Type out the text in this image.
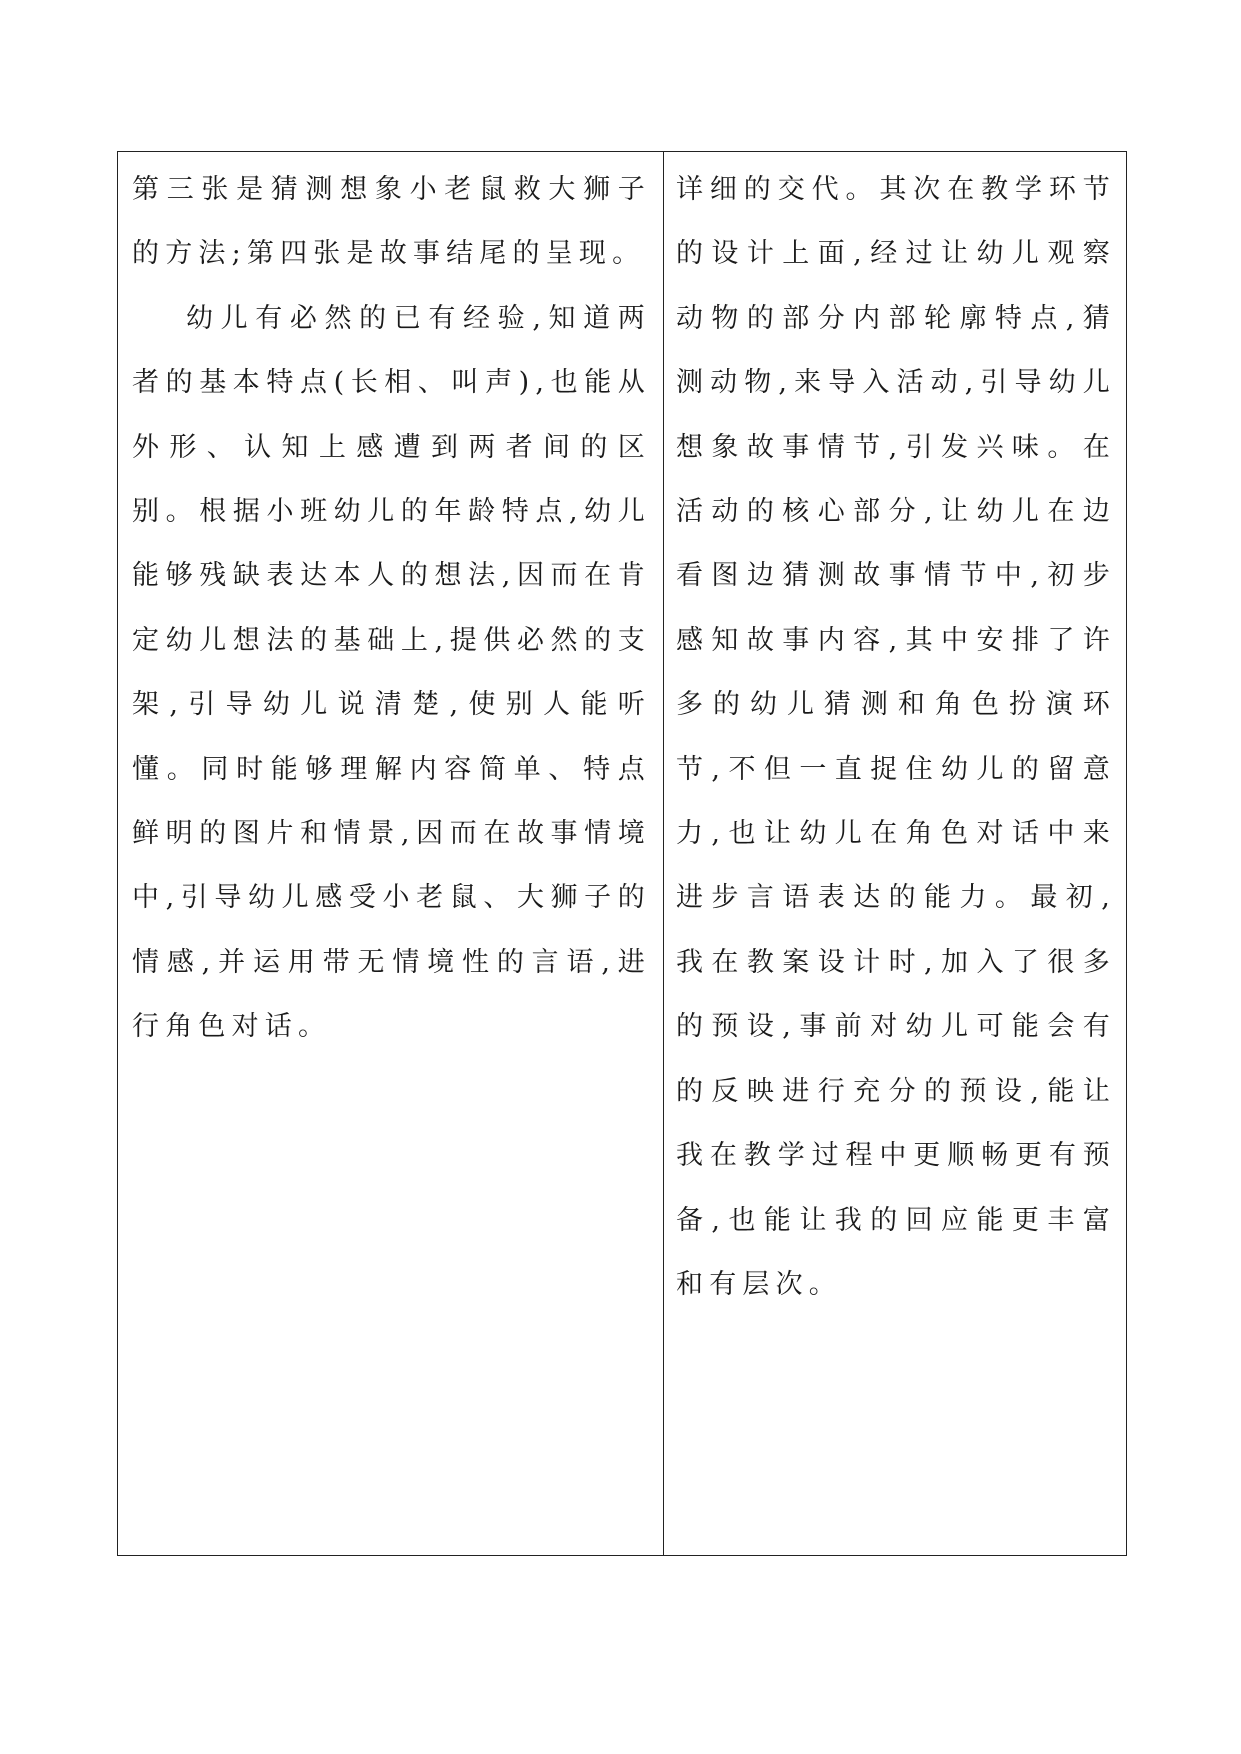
第三张是猜测想象小老鼠救大狮子的方法;第四张是故事结尾的呈现。

幼儿有必然的已有经验,知道两者的基本特点(长相、叫声),也能从外形、认知上感遭到两者间的区别。根据小班幼儿的年龄特点,幼儿能够残缺表达本人的想法,因而在肯定幼儿想法的基础上,提供必然的支架,引导幼儿说清楚,使别人能听懂。同时能够理解内容简单、特点鲜明的图片和情景,因而在故事情境中,引导幼儿感受小老鼠、大狮子的情感,并运用带无情境性的言语,进行角色对话。

详细的交代。其次在教学环节的设计上面,经过让幼儿观察动物的部分内部轮廓特点,猜测动物,来导入活动,引导幼儿想象故事情节,引发兴味。在活动的核心部分,让幼儿在边看图边猜测故事情节中,初步感知故事内容,其中安排了许多的幼儿猜测和角色扮演环节,不但一直捉住幼儿的留意力,也让幼儿在角色对话中来进步言语表达的能力。最初,我在教案设计时,加入了很多的预设,事前对幼儿可能会有的反映进行充分的预设,能让我在教学过程中更顺畅更有预备,也能让我的回应能更丰富和有层次。
